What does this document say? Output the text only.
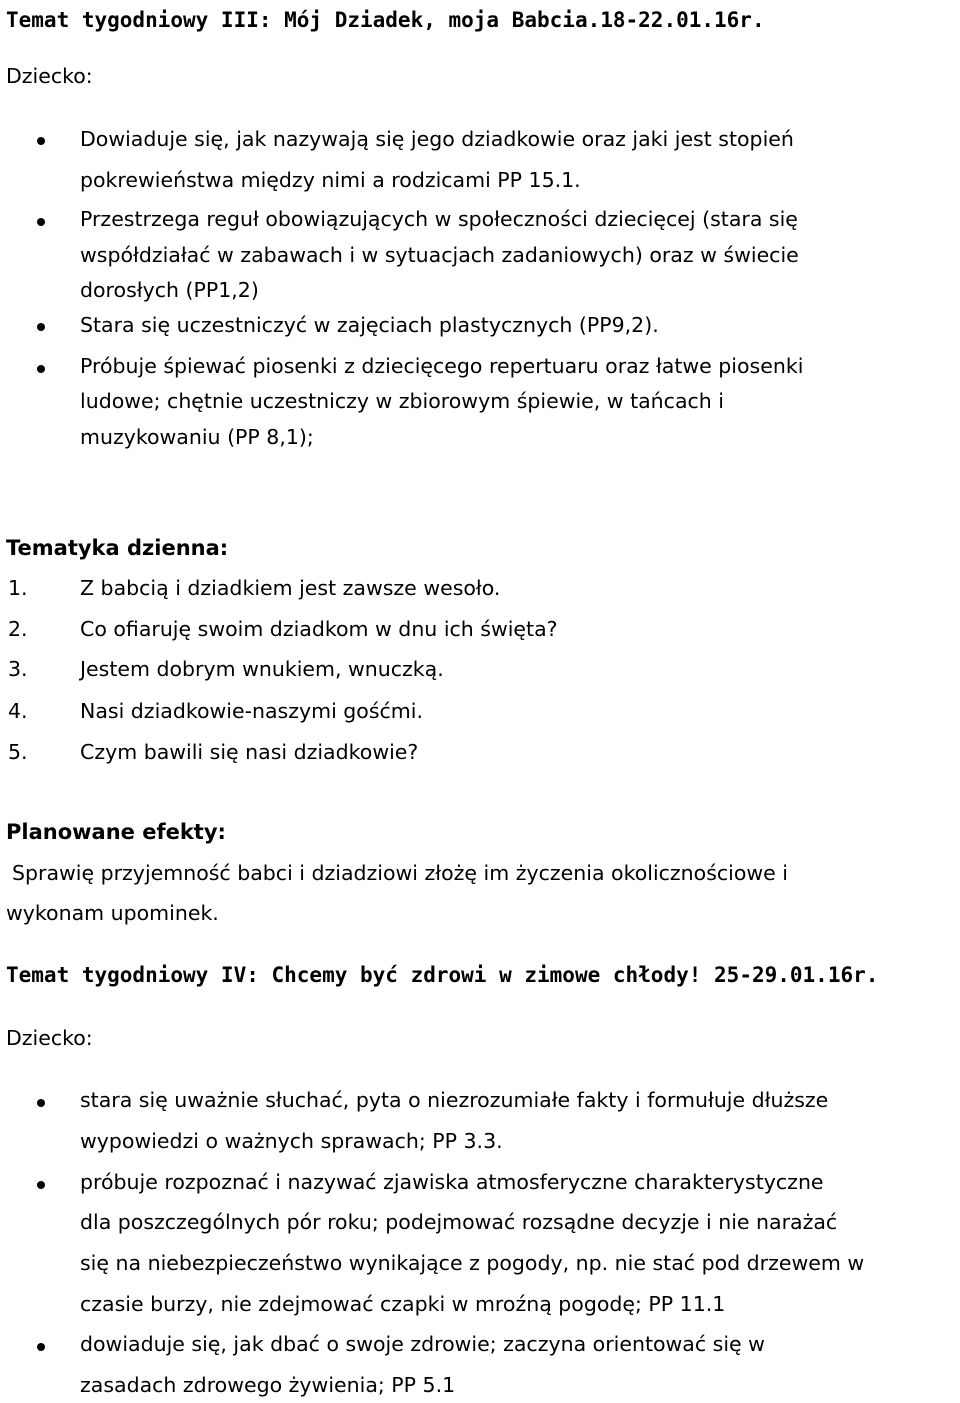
Temat tygodniowy III: Mój Dziadek, moja Babcia.18-22.01.16r.

Dziecko:

Dowiaduje się, jak nazywają się jego dziadkowie oraz jaki jest stopień

pokrewieństwa między nimi a rodzicami PP 15.1.

Przestrzega reguł obowiązujących w społeczności dziecięcej (stara się

współdziałać w zabawach i w sytuacjach zadaniowych) oraz w świecie

dorosłych (PP1,2)

Stara się uczestniczyć w zajęciach plastycznych (PP9,2).

Próbuje śpiewać piosenki z dziecięcego repertuaru oraz łatwe piosenki

ludowe; chętnie uczestniczy w zbiorowym śpiewie, w tańcach i

muzykowaniu (PP 8,1);

Tematyka dzienna:

1.	Z babcią i dziadkiem jest zawsze wesoło.

2.	Co ofiaruję swoim dziadkom w dnu ich święta?

3.	Jestem dobrym wnukiem, wnuczką.

4.	Nasi dziadkowie-naszymi gośćmi.

5.	Czym bawili się nasi dziadkowie?

Planowane efekty:

Sprawię przyjemność babci i dziadziowi złożę im życzenia okolicznościowe i

wykonam upominek.

Temat tygodniowy IV: Chcemy być zdrowi w zimowe chłody! 25-29.01.16r.

Dziecko:

stara się uważnie słuchać, pyta o niezrozumiałe fakty i formułuje dłuższe

wypowiedzi o ważnych sprawach; PP 3.3.

próbuje rozpoznać i nazywać zjawiska atmosferyczne charakterystyczne

dla poszczególnych pór roku; podejmować rozsądne decyzje i nie narażać

się na niebezpieczeństwo wynikające z pogody, np. nie stać pod drzewem w

czasie burzy, nie zdejmować czapki w mroźną pogodę; PP 11.1

dowiaduje się, jak dbać o swoje zdrowie; zaczyna orientować się w

zasadach zdrowego żywienia; PP 5.1
